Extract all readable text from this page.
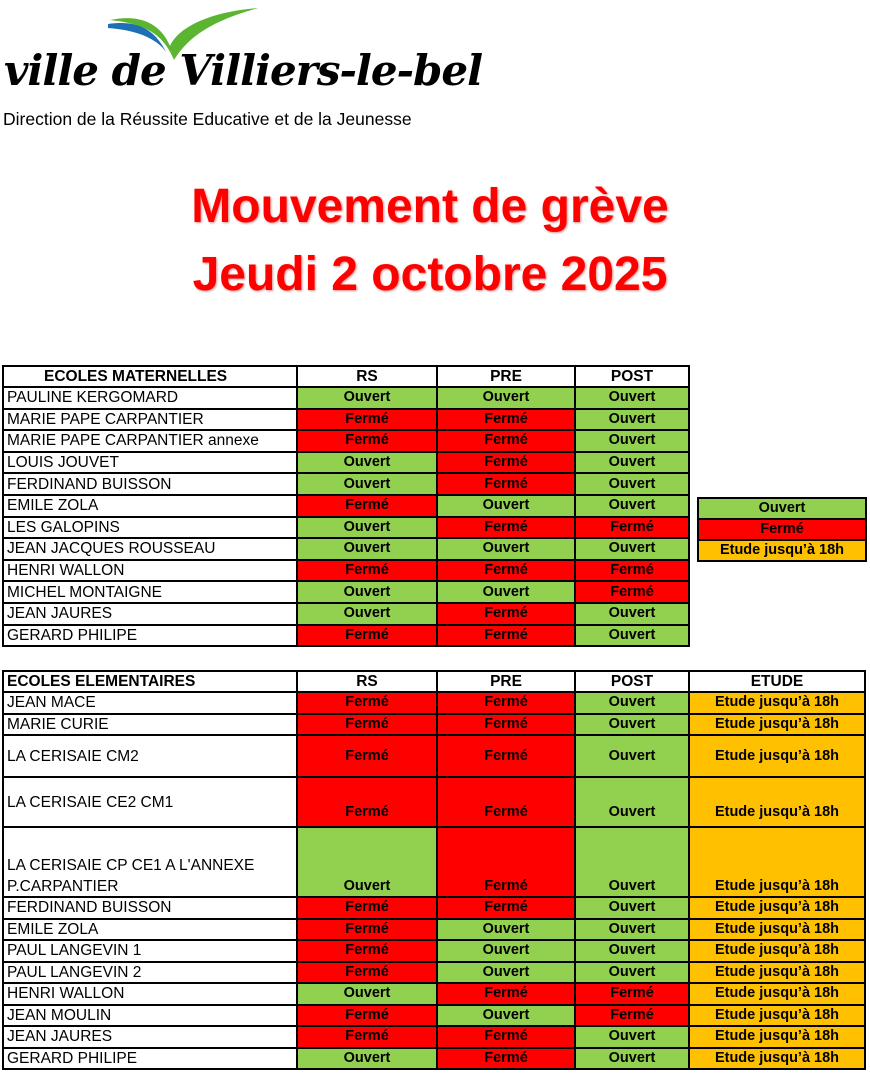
ville de Villiers-le-bel
Direction de la Réussite Educative et de la Jeunesse
Mouvement de grève
Jeudi 2 octobre 2025
ECOLES MATERNELLES	RS	PRE	POST
PAULINE KERGOMARD	Ouvert	Ouvert	Ouvert
MARIE PAPE CARPANTIER	Fermé	Fermé	Ouvert
MARIE PAPE CARPANTIER annexe	Fermé	Fermé	Ouvert
LOUIS JOUVET	Ouvert	Fermé	Ouvert
FERDINAND BUISSON	Ouvert	Fermé	Ouvert
EMILE ZOLA	Fermé	Ouvert	Ouvert
LES GALOPINS	Ouvert	Fermé	Fermé
JEAN JACQUES ROUSSEAU	Ouvert	Ouvert	Ouvert
HENRI WALLON	Fermé	Fermé	Fermé
MICHEL MONTAIGNE	Ouvert	Ouvert	Fermé
JEAN JAURES	Ouvert	Fermé	Ouvert
GERARD PHILIPE	Fermé	Fermé	Ouvert
Ouvert
Fermé
Etude jusqu’à 18h
ECOLES ELEMENTAIRES	RS	PRE	POST	ETUDE

JEAN MACE	Fermé	Fermé	Ouvert	Etude jusqu’à 18h

MARIE CURIE	Fermé	Fermé	Ouvert	Etude jusqu’à 18h

LA CERISAIE CM2	Fermé	Fermé	Ouvert	Etude jusqu’à 18h

LA CERISAIE CE2 CM1	Fermé	Fermé	Ouvert	Etude jusqu’à 18h

LA CERISAIE CP CE1 A L'ANNEXE
P.CARPANTIER	Ouvert	Fermé	Ouvert	Etude jusqu’à 18h

FERDINAND BUISSON	Fermé	Fermé	Ouvert	Etude jusqu’à 18h

EMILE ZOLA	Fermé	Ouvert	Ouvert	Etude jusqu’à 18h

PAUL LANGEVIN 1	Fermé	Ouvert	Ouvert	Etude jusqu’à 18h

PAUL LANGEVIN 2	Fermé	Ouvert	Ouvert	Etude jusqu’à 18h

HENRI WALLON	Ouvert	Fermé	Fermé	Etude jusqu’à 18h

JEAN MOULIN	Fermé	Ouvert	Fermé	Etude jusqu’à 18h

JEAN JAURES	Fermé	Fermé	Ouvert	Etude jusqu’à 18h

GERARD PHILIPE	Ouvert	Fermé	Ouvert	Etude jusqu’à 18h
